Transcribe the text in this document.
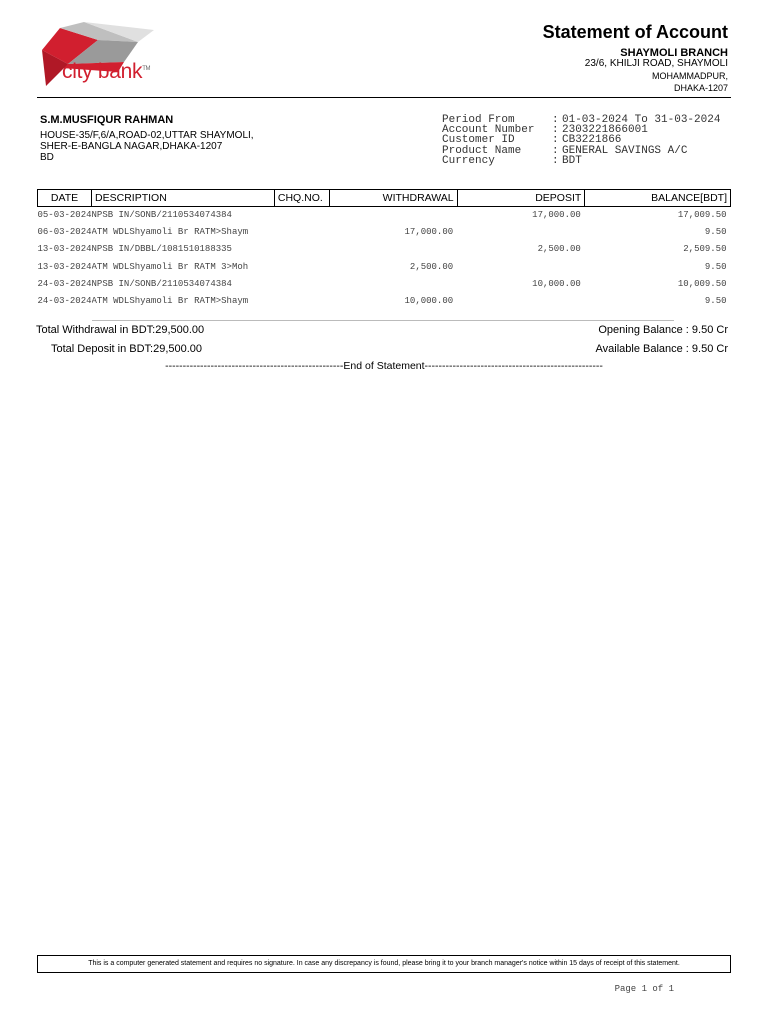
city bank™
Statement of Account
SHAYMOLI BRANCH
23/6, KHILJI ROAD, SHAYMOLI
MOHAMMADPUR,
DHAKA-1207
S.M.MUSFIQUR RAHMAN
HOUSE-35/F,6/A,ROAD-02,UTTAR SHAYMOLI,
SHER-E-BANGLA NAGAR,DHAKA-1207
BD
Period From	: 01-03-2024 To 31-03-2024
Account Number	: 2303221866001
Customer ID	: CB3221866
Product Name	: GENERAL SAVINGS A/C
Currency	: BDT
DATE	DESCRIPTION	CHQ.NO.	WITHDRAWAL	DEPOSIT	BALANCE[BDT]
05-03-2024	NPSB IN/SONB/2110534074384			17,000.00	17,009.50
06-03-2024	ATM WDLShyamoli Br RATM>Shaym		17,000.00		9.50
13-03-2024	NPSB IN/DBBL/1081510188335			2,500.00	2,509.50
13-03-2024	ATM WDLShyamoli Br RATM 3>Moh		2,500.00		9.50
24-03-2024	NPSB IN/SONB/2110534074384			10,000.00	10,009.50
24-03-2024	ATM WDLShyamoli Br RATM>Shaym		10,000.00		9.50
Total Withdrawal in BDT:29,500.00
Total Deposit in BDT:29,500.00
Opening Balance : 9.50 Cr
Available Balance : 9.50 Cr
---------------------------------------------------End of Statement---------------------------------------------------
This is a computer generated statement and requires no signature. In case any discrepancy is found, please bring it to your branch manager's notice within 15 days of receipt of this statement.
Page 1 of 1
